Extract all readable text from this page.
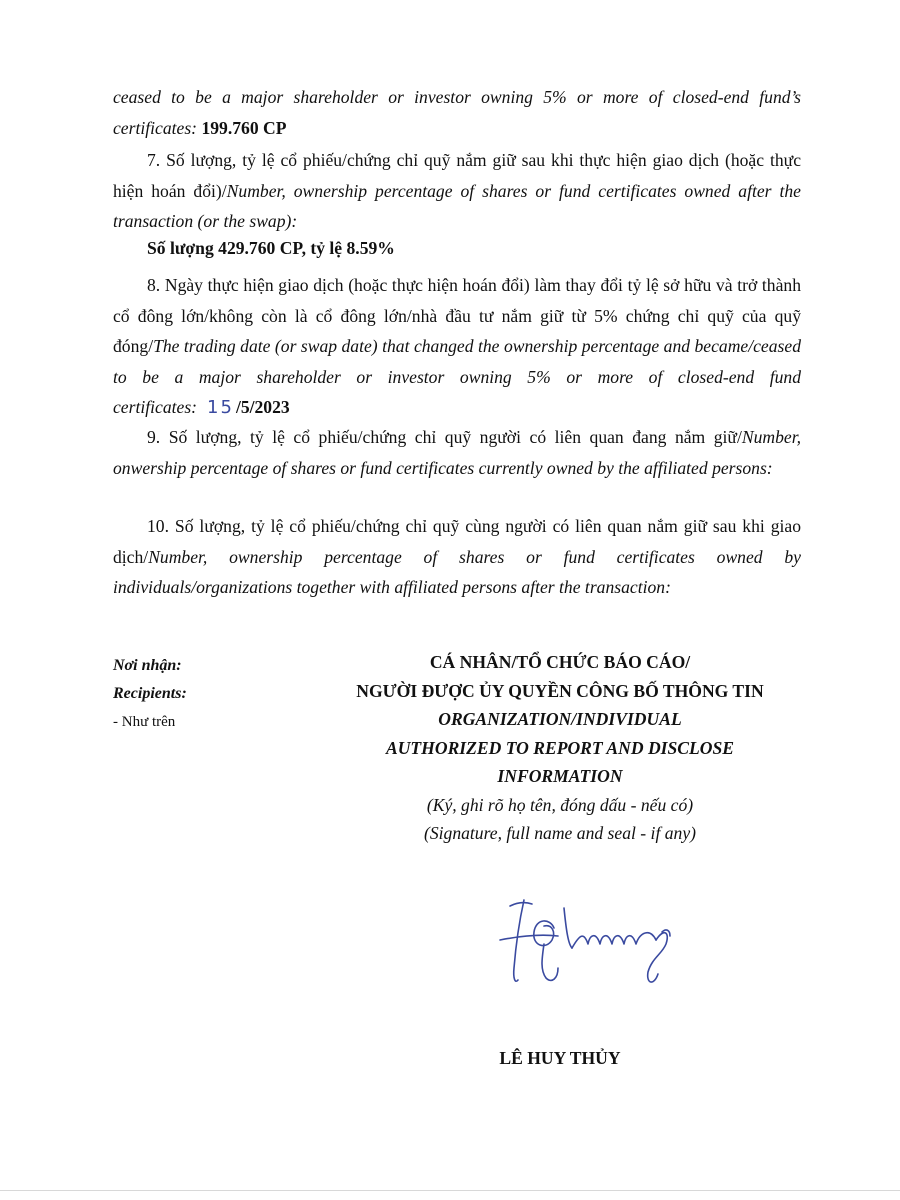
ceased to be a major shareholder or investor owning 5% or more of closed-end fund’s certificates: 199.760 CP

7. Số lượng, tỷ lệ cổ phiếu/chứng chỉ quỹ nắm giữ sau khi thực hiện giao dịch (hoặc thực hiện hoán đổi)/Number, ownership percentage of shares or fund certificates owned after the transaction (or the swap):

Số lượng 429.760 CP, tỷ lệ 8.59%

8. Ngày thực hiện giao dịch (hoặc thực hiện hoán đổi) làm thay đổi tỷ lệ sở hữu và trở thành cổ đông lớn/không còn là cổ đông lớn/nhà đầu tư nắm giữ từ 5% chứng chỉ quỹ của quỹ đóng/The trading date (or swap date) that changed the ownership percentage and became/ceased to be a major shareholder or investor owning 5% or more of closed-end fund certificates: 15 /5/2023

9. Số lượng, tỷ lệ cổ phiếu/chứng chỉ quỹ người có liên quan đang nắm giữ/Number, onwership percentage of shares or fund certificates currently owned by the affiliated persons:

10. Số lượng, tỷ lệ cổ phiếu/chứng chỉ quỹ cùng người có liên quan nắm giữ sau khi giao dịch/Number, ownership percentage of shares or fund certificates owned by individuals/organizations together with affiliated persons after the transaction:

Nơi nhận:
Recipients:
- Như trên
CÁ NHÂN/TỔ CHỨC BÁO CÁO/
NGƯỜI ĐƯỢC ỦY QUYỀN CÔNG BỐ THÔNG TIN
ORGANIZATION/INDIVIDUAL
AUTHORIZED TO REPORT AND DISCLOSE
INFORMATION
(Ký, ghi rõ họ tên, đóng dấu - nếu có)
(Signature, full name and seal - if any)
LÊ HUY THỦY
